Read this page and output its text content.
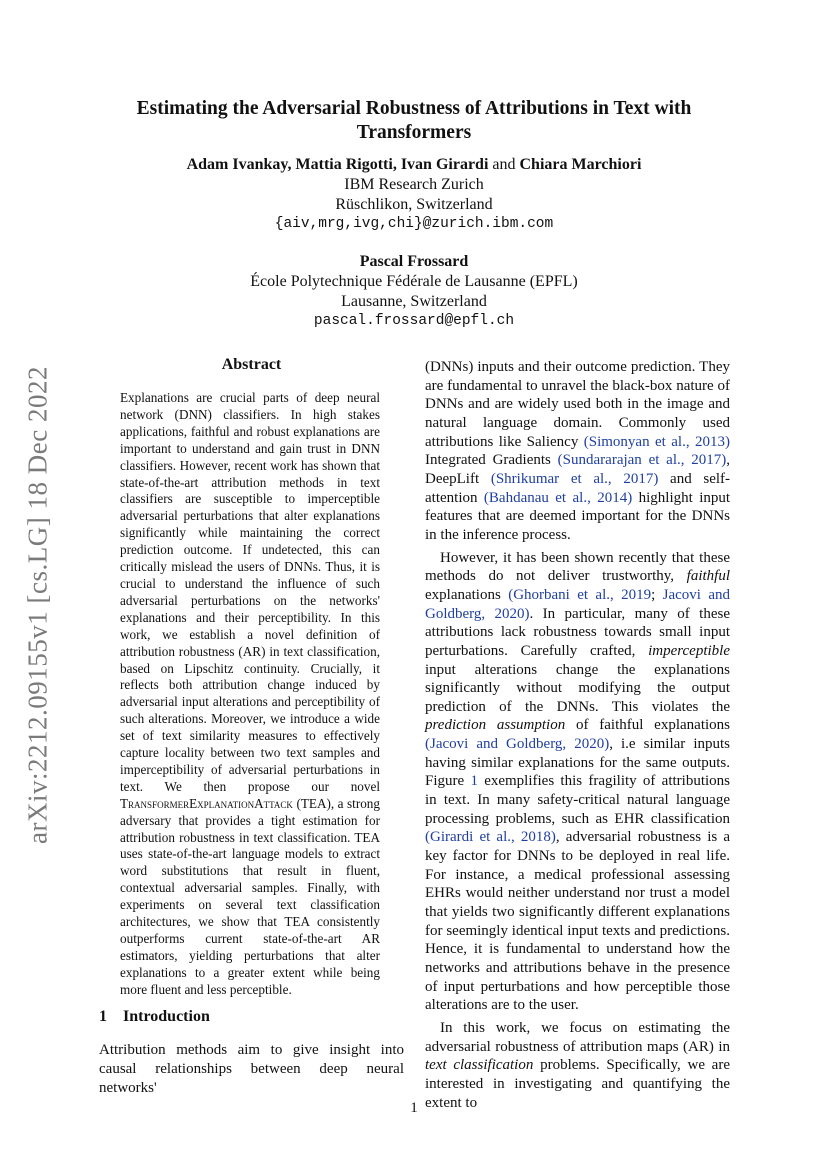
Estimating the Adversarial Robustness of Attributions in Text with Transformers
Adam Ivankay, Mattia Rigotti, Ivan Girardi and Chiara Marchiori
IBM Research Zurich
Rüschlikon, Switzerland
{aiv,mrg,ivg,chi}@zurich.ibm.com
Pascal Frossard
École Polytechnique Fédérale de Lausanne (EPFL)
Lausanne, Switzerland
pascal.frossard@epfl.ch
arXiv:2212.09155v1 [cs.LG] 18 Dec 2022
Abstract
Explanations are crucial parts of deep neural network (DNN) classifiers. In high stakes applications, faithful and robust explanations are important to understand and gain trust in DNN classifiers. However, recent work has shown that state-of-the-art attribution methods in text classifiers are susceptible to imperceptible adversarial perturbations that alter explanations significantly while maintaining the correct prediction outcome. If undetected, this can critically mislead the users of DNNs. Thus, it is crucial to understand the influence of such adversarial perturbations on the networks' explanations and their perceptibility. In this work, we establish a novel definition of attribution robustness (AR) in text classification, based on Lipschitz continuity. Crucially, it reflects both attribution change induced by adversarial input alterations and perceptibility of such alterations. Moreover, we introduce a wide set of text similarity measures to effectively capture locality between two text samples and imperceptibility of adversarial perturbations in text. We then propose our novel TransformerExplanationAttack (TEA), a strong adversary that provides a tight estimation for attribution robustness in text classification. TEA uses state-of-the-art language models to extract word substitutions that result in fluent, contextual adversarial samples. Finally, with experiments on several text classification architectures, we show that TEA consistently outperforms current state-of-the-art AR estimators, yielding perturbations that alter explanations to a greater extent while being more fluent and less perceptible.
1 Introduction
Attribution methods aim to give insight into causal relationships between deep neural networks'

(DNNs) inputs and their outcome prediction. They are fundamental to unravel the black-box nature of DNNs and are widely used both in the image and natural language domain. Commonly used attributions like Saliency (Simonyan et al., 2013) Integrated Gradients (Sundararajan et al., 2017), DeepLift (Shrikumar et al., 2017) and self-attention (Bahdanau et al., 2014) highlight input features that are deemed important for the DNNs in the inference process.

However, it has been shown recently that these methods do not deliver trustworthy, faithful explanations (Ghorbani et al., 2019; Jacovi and Goldberg, 2020). In particular, many of these attributions lack robustness towards small input perturbations. Carefully crafted, imperceptible input alterations change the explanations significantly without modifying the output prediction of the DNNs. This violates the prediction assumption of faithful explanations (Jacovi and Goldberg, 2020), i.e similar inputs having similar explanations for the same outputs. Figure 1 exemplifies this fragility of attributions in text. In many safety-critical natural language processing problems, such as EHR classification (Girardi et al., 2018), adversarial robustness is a key factor for DNNs to be deployed in real life. For instance, a medical professional assessing EHRs would neither understand nor trust a model that yields two significantly different explanations for seemingly identical input texts and predictions. Hence, it is fundamental to understand how the networks and attributions behave in the presence of input perturbations and how perceptible those alterations are to the user.

In this work, we focus on estimating the adversarial robustness of attribution maps (AR) in text classification problems. Specifically, we are interested in investigating and quantifying the extent to

1
